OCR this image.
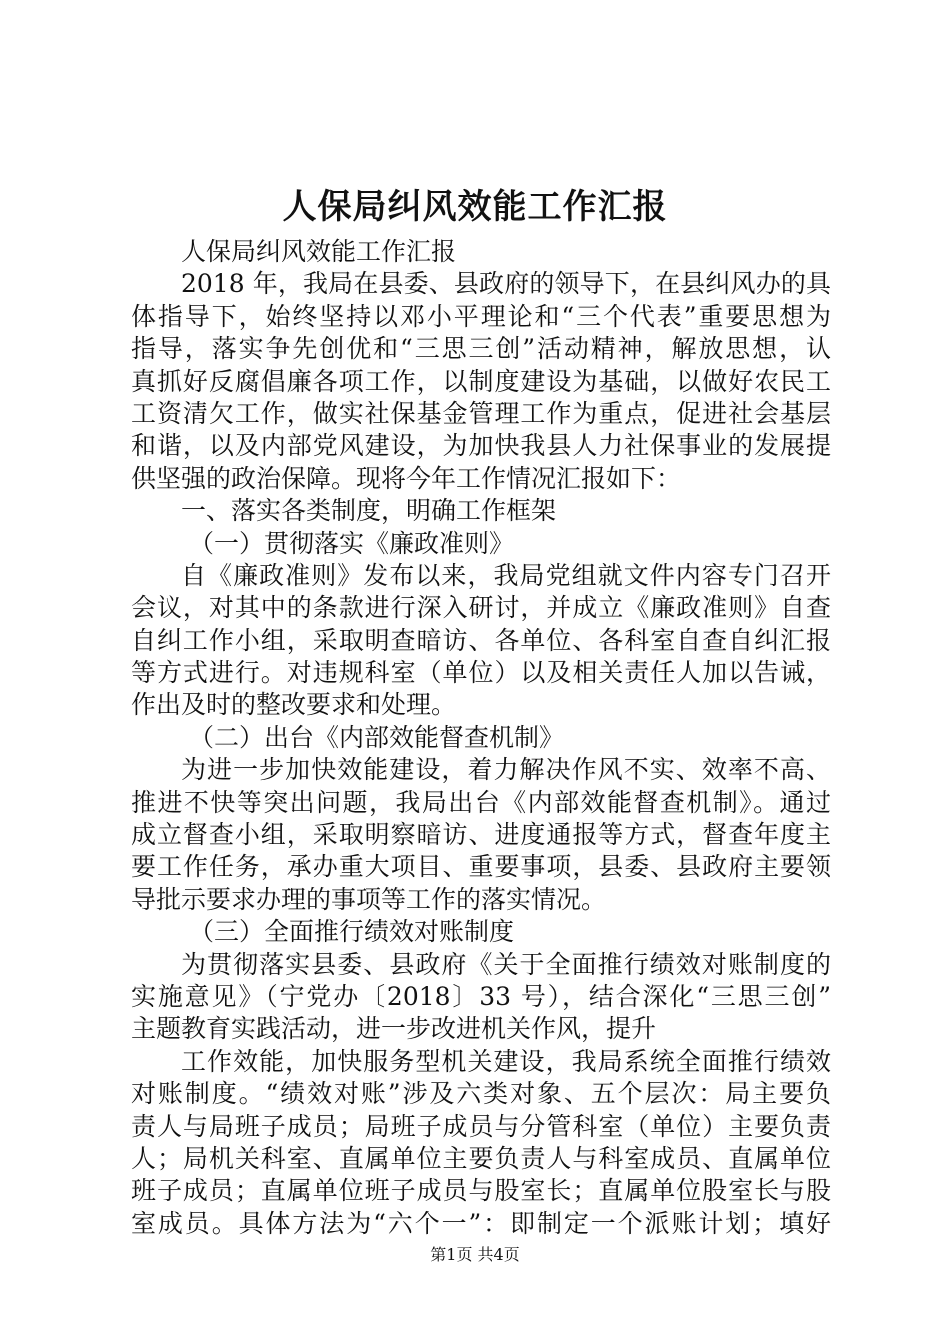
人保局纠风效能工作汇报
人保局纠风效能工作汇报
2018 年，我局在县委、县政府的领导下，在县纠风办的具
体指导下，始终坚持以邓小平理论和“三个代表”重要思想为
指导，落实争先创优和“三思三创”活动精神，解放思想，认
真抓好反腐倡廉各项工作，以制度建设为基础，以做好农民工
工资清欠工作，做实社保基金管理工作为重点，促进社会基层
和谐，以及内部党风建设，为加快我县人力社保事业的发展提
供坚强的政治保障。现将今年工作情况汇报如下：
一、落实各类制度，明确工作框架
（一）贯彻落实《廉政准则》
自《廉政准则》发布以来，我局党组就文件内容专门召开
会议，对其中的条款进行深入研讨，并成立《廉政准则》自查
自纠工作小组，采取明查暗访、各单位、各科室自查自纠汇报
等方式进行。对违规科室（单位）以及相关责任人加以告诫，
作出及时的整改要求和处理。
（二）出台《内部效能督查机制》
为进一步加快效能建设，着力解决作风不实、效率不高、
推进不快等突出问题，我局出台《内部效能督查机制》。通过
成立督查小组，采取明察暗访、进度通报等方式，督查年度主
要工作任务，承办重大项目、重要事项，县委、县政府主要领
导批示要求办理的事项等工作的落实情况。
（三）全面推行绩效对账制度
为贯彻落实县委、县政府《关于全面推行绩效对账制度的
实施意见》（宁党办〔2018〕33 号），结合深化“三思三创”
主题教育实践活动，进一步改进机关作风，提升
工作效能，加快服务型机关建设，我局系统全面推行绩效
对账制度。“绩效对账”涉及六类对象、五个层次：局主要负
责人与局班子成员；局班子成员与分管科室（单位）主要负责
人；局机关科室、直属单位主要负责人与科室成员、直属单位
班子成员；直属单位班子成员与股室长；直属单位股室长与股
室成员。具体方法为“六个一”：即制定一个派账计划；填好
第1页 共4页
